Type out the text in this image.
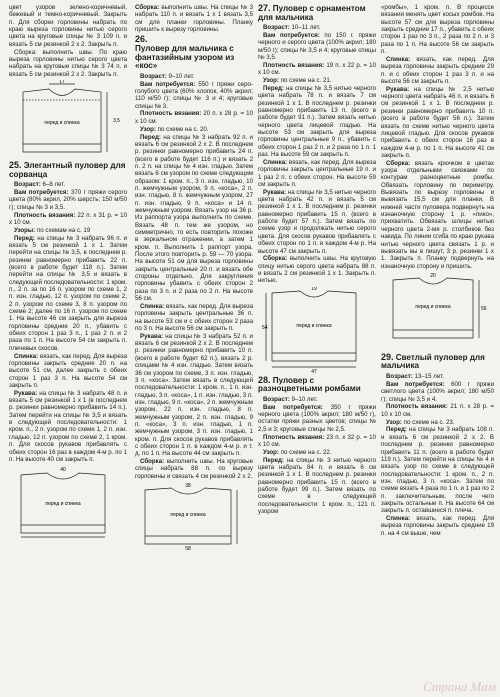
цвет узоров зелено-коричневый, бежевый и темно-коричневый. Закрыть п. Для сборки горловины набрать по краю выреза горловины нитью серого цвета на круговые спицы № 3 109 п. и вязать 5 см резинкой 2 х 2. Закрыть п.

Сборка: выполнить швы. По краю выреза горловины нитью серого цвета набрать на круговые спицы № 3 74 п. и вязать 5 см резинкой 2 х 2. Закрыть п.

17
3,5
перед и спинка
25. Элегантный пуловер для сорванца

Возраст: 6–8 лет.

Вам потребуется: 370 г пряжи серого цвета (80% акрил, 20% шерсть; 150 м/50 г); спицы № 3 и 3,5.

Плотность вязания: 22 п. х 31 р. = 10 х 10 см.

Узоры: по схемам на с. 19

Перед: на спицы № 3 набрать 96 п. и вязать 5 см резинкой 1 х 1. Затем перейти на спицы № 3,5, в последнем р. резинки равномерно прибавить 22 п. (всего в работе будет 118 п.). Затем перейти на спицы № 3,5 и вязать в следующей последовательности: 1 кром. п., 2 п. за по 16 п. узором по схеме 1, 2 п. изн. гладью, 12 п. узором по схеме 2, 2 п. узором по схеме 3, 8 п. узором по схеме 2; далее по 16 п. узором по схеме 1. На высоте 46 см закрыть для выреза горловины средние 20 п., убавить с обеих сторон 1 раз 3 п., 1 раз 2 п. и 2 раза по 1 п. На высоте 54 см закрыть п. плечевых скосов.

Спинка: вязать, как перед. Для выреза горловины закрыть средние 20 п. на высоте 51 см, далее закрыть с обеих сторон 1 раз 3 п. На высоте 54 см закрыть п.

Рукава: на спицы № 3 набрать 48 п. и вязать 5 см резинкой 1 х 1 (в последнем р. резинки равномерно прибавить 14 п.). Затем перейти на спицы № 3,5 и вязать в следующей последовательности: 1 кром. п., 2 п. узором по схеме 1, 2 п. изн. гладью, 12 п. узором по схеме 2, 1 кром. п. Для скосов рукавов прибавлять с обеих сторон 16 раз в каждом 4-м р. по 1 п. На высоте 40 см закрыть п.

40
перед и спинка

Сборка: выполнить швы. На спицы № 3 набрать 110 п. и вязать 1 х 1 вязать 3,5 см для планки горловины. Планку пришить к вырезу горловины.

26.
Пуловер для мальчика с фантазийным узором из «кос»

Возраст: 9–10 лет.

Вам потребуется: 550 г пряжи серо-голубого цвета (60% хлопок, 40% акрил; 110 м/50 г); спицы № 3 и 4; круговые спицы № 3.

Плотность вязания: 20 п. х 28 р. = 10 х 10 см.

Узор: по схеме на с. 20.

Перед: на спицы № 3 набрать 92 п. и вязать 6 см резинкой 2 х 2. В последнем р. резинки равномерно прибавить 24 п. (всего в работе будет 116 п.) и вязать 2 п. 2 п. на спицы № 4 изн. гладью. Затем вязать 6 см узором по схеме следующим образом: 1 кром. п., 3 п. изн. гладью, 10 п. жемчужным узором, 9 п. «коса», 2 п. изн. гладью, 8 п. жемчужным узором, 27 п. изн. гладью, 9 п. «коса» и 14 п. жемчужным узором. Вязать узор на 36 р. Из раппорта узора выполнить по схеме. Вязать 48 п. тем же узором, но симметрично, то есть повторить похоже в зеркальном отражении, а затем 1 кром. п. Выполнить 1 раппорт узора. После этого повторить р. 59 — 70 узора. На высоте 51 см для выреза горловины закрыть центральные 20 п. и вязать обе стороны отдельно. Для закругления горловины убавить с обеих сторон 2 раза по 3 п. и 2 раза по 2 п. На высоте 56 см.

Спинка: вязать, как перед. Для выреза горловины закрыть центральные 36 п. на высоте 53 см и с обеих сторон 2 раза по 3 п. На высоте 56 см закрыть п.

Рукава: на спицы № 3 набрать 52 п. и вязать 6 см резинкой 2 х 2. В последнем р. резинки равномерно прибавить 10 п. (всего в работе будет 62 п.), вязать 2 р. спицами № 4 изн. гладью. Затем вязать 36 см узором по схеме, 3 п. изн. гладью, 3 п. «коса». Затем вязать в следующей последовательности: 1 кром. п., 1 п. изн. гладью, 3 п. «коса», 1 п. изн. гладью, 3 п. изн. гладью, 9 п. «коса», 2 п. жемчужным узором, 22 п. изн. гладью, 8 п. жемчужным узором, 2 п. изн. гладью, 9 п. «коса», 3 п. изн. гладью, 1 п. жемчужным узором, 3 п. изн. гладью, 1 кром. п. Для скосов рукавов прибавлять с обеих сторон 1 п. в каждом 4-м р. и т. д. по 1 п. На высоте 44 см закрыть п.

Сборка: выполнить швы. На круговые спицы набрать 88 п. по вырезу горловины и связать 4 см резинкой 2 х 2.

38
58
перед и спинка
27. Пуловер с орнаментом для мальчика

Возраст: 10–11 лет.

Вам потребуется: по 150 г. пряжи черного и серого цвета (100% акрил; 180 м/50 г); спицы № 3,5 и 4; круговые спицы № 3,5.

Плотность вязания: 19 п. х 22 р. = 10 х 10 см.

Узор: по схеме на с. 21.

Перед: на спицы № 3,5 нитью черного цвета набрать 78 п. и вязать 7 см резинкой 1 х 1. В последнем р. резинки равномерно прибавить 13 п. (всего в работе будет 91 п.). Затем вязать нитью черного цвета лицевой гладью. На высоте 53 см закрыть для выреза горловины центральные 9 п., убавить с обеих сторон 1 раз 2 п. и 2 раза по 1 п. 1 раз. На высоте 59 см закрыть п.

Спинка: вязать, как перед. Для выреза горловины закрыть центральные 19 п. и 1 раз 2 п. с обеих сторон. На высоте 59 см закрыть п.

Рукава: на спицы № 3,5 нитью черного цвета набрать 42 п. и вязать 5 см резинкой 1 х 1. В последнем р. резинки равномерно прибавить 15 п. (всего в работе будет 57 п.). Затем вязать по схеме узор и продолжать нитью серого цвета. Для скосов рукавов прибавлять с обеих сторон по 1 п. в каждом 4-м р. На высоте 47 см закрыть п.

Сборка: выполнить швы. На круговую спицу нитью серого цвета набрать 88 п. и вязать 2 см резинкой 1 х 1. Закрыть п. нитью.

54
19
47
перед и спинка
28. Пуловер с разноцветными ромбами

Возраст: 9–10 лет.

Вам потребуется: 350 г пряжи черного цвета (100% акрил; 180 м/50 г), остатки пряжи разных цветов; спицы № 2,5 и 3; круговые спицы № 2,5.

Плотность вязания: 23 п. х 32 р. = 10 х 10 см.

Узор: по схеме на с. 22.

Перед: на спицы № 3 нитью черного цвета набрать 84 п. и вязать 6 см резинкой 1 х 1. В последнем р. резинки равномерно прибавить 15 п. (всего в работе будет 99 п.). Затем вязать по схеме в следующей последовательности: 1 кром. п., 121 п. узором

«ромбы», 1 кром. п. В процессе вязания менять цвет косых ромбов. На высоте 57 см для выреза горловины закрыть средние 17 п., убавить с обеих сторон 1 раз по 3 п., 2 раза по 2 п. и 3 раза по 1 п. На высоте 56 см закрыть п.

Спинка: вязать, как перед. Для выреза горловины закрыть средние 29 п. и с обеих сторон 1 раз 3 п. и на высоте 56 см закрыть п.

Рукава: на спицы № 2,5 нитью черного цвета набрать 46 п. и вязать 6 см резинкой 1 х 1. В последнем р. резинки равномерно прибавить 10 п. (всего в работе будет 56 п.). Затем вязать по схеме нитью черного цвета лицевой гладью. Для скосов рукавов прибавить с обеих сторон 16 раз в каждом 4-м р. по 1 п. На высоте 41 см закрыть п.

Сборка: вязать крючком в цветах узора отдельными связками по контурам разноцветные ромбы. Обвязать горловину по периметру. Вывязать по вырезу горловины и вывязать 15,5 см для планки. В нижней части пуловера подвернуть на изнаночную сторону 1 р. «пико», прихватить. Обвязать шлицы нитью черного цвета 2-мя р. столбиков без накида. По линии сгиба по краю рукава нитью черного цвета связать 1 р. и вывязать вы в пишут, 3 р. резинки 1 х 1. Закрыть п. Планку подвернуть на изнаночную сторону и пришить.

20
56
перед и спинка
29. Светлый пуловер для мальчика

Возраст: 13–15 лет.

Вам потребуется: 600 г пряжи светлого цвета (100% акрил; 180 м/50 г); спицы № 3,5 и 4.

Плотность вязания: 21 п. х 28 р. = 10 х 10 см.

Узор: по схеме на с. 23.

Перед: на спицы № 3 набрать 108 п. и вязать 6 см резинкой 2 х 2. В последнем р. резинки равномерно прибавить 11 п. (всего в работе будет 119 п.). Затем перейти на спицы № 4 и вязать узор по схеме в следующей последовательности: 1 кром. п., 2 п. изн. гладью, 3 п. «коса». Затем по схеме вязать 4 раза по 1 п. и 1 раз по 2 п. заключительным, после чего закрыть остальные п. На высоте 64 см закрыть п. оставшиеся п. плеча.

Спинка: вязать, как перед. Для выреза горловины закрыть средние 19 п. на 4 см выше, чем

Страна Мам
